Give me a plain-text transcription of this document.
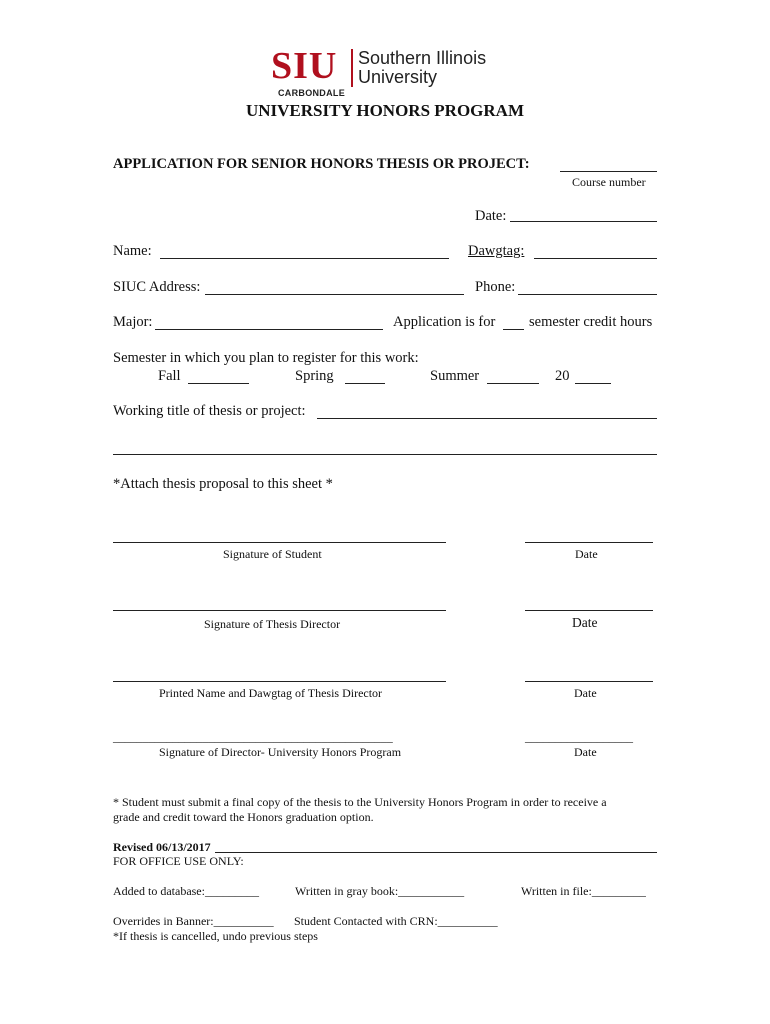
SIU Southern Illinois
University
CARBONDALE
UNIVERSITY HONORS PROGRAM
APPLICATION FOR SENIOR HONORS THESIS OR PROJECT:
Course number
Date:
Name:	Dawgtag:
SIUC Address:	Phone:
Major:	Application is for semester credit hours
Semester in which you plan to register for this work:
Fall	Spring	Summer	20
Working title of thesis or project:
*Attach thesis proposal to this sheet *
Signature of Student	Date
Signature of Thesis Director	Date
Printed Name and Dawgtag of Thesis Director	Date
_______________________________________________	__________________
Signature of Director- University Honors Program	Date
* Student must submit a final copy of the thesis to the University Honors Program in order to receive a
grade and credit toward the Honors graduation option.
Revised 06/13/2017
FOR OFFICE USE ONLY:
Added to database:_________	Written in gray book:___________	Written in file:_________
Overrides in Banner:__________ Student Contacted with CRN:__________
*If thesis is cancelled, undo previous steps
